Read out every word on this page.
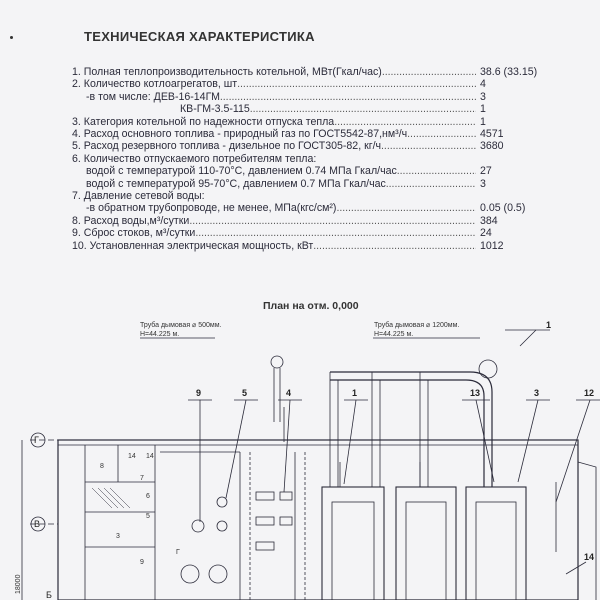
ТЕХНИЧЕСКАЯ ХАРАКТЕРИСТИКА
1. Полная теплопроизводительность котельной, МВт(Гкал/час) . . .	38.6 (33.15)
2. Количество котлоагрегатов, шт . . .	4
-в том числе: ДЕВ-16-14ГМ . . .	3
КВ-ГМ-3.5-115 . . .	1
3. Категория котельной по надежности отпуска тепла . . .	1
4. Расход основного топлива - природный газ по ГОСТ5542-87,нм³/ч . . .	4571
5. Расход резервного топлива - дизельное по ГОСТ305-82, кг/ч . . .	3680
6. Количество отпускаемого потребителям тепла:
водой с температурой 110-70°С, давлением 0.74 МПа Гкал/час . . .	27
водой с температурой 95-70°С, давлением 0.7 МПа Гкал/час . . .	3
7. Давление сетевой воды:
-в обратном трубопроводе, не менее, МПа(кгс/см²) . . .	0.05 (0.5)
8. Расход воды,м³/сутки . . .	384
9. Сброс стоков, м³/сутки . . .	24
10. Установленная электрическая мощность, кВт . . .	1012
План на отм. 0,000
Труба дымовая ⌀ 500мм.
Н=44.225 м.
Труба дымовая ⌀ 1200мм.
Н=44.225 м.
1
9	5	4	1	13	3	12
14
Г
В
Б
18000
14 14
8
7
6
5
3
9
Г
